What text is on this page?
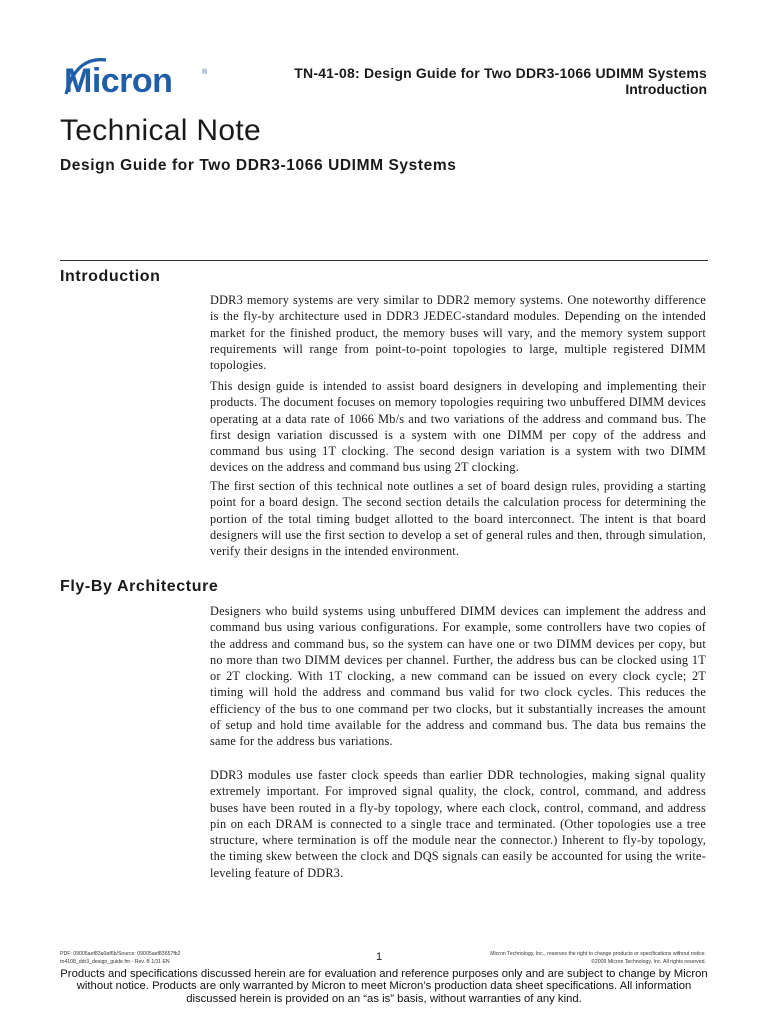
Micron	®	TN-41-08: Design Guide for Two DDR3-1066 UDIMM Systems
Introduction
Technical Note
Design Guide for Two DDR3-1066 UDIMM Systems
Introduction
DDR3 memory systems are very similar to DDR2 memory systems. One noteworthy difference is the fly-by architecture used in DDR3 JEDEC-standard modules. Depending on the intended market for the finished product, the memory buses will vary, and the memory system support requirements will range from point-to-point topologies to large, multiple registered DIMM topologies.
This design guide is intended to assist board designers in developing and implementing their products. The document focuses on memory topologies requiring two unbuffered DIMM devices operating at a data rate of 1066 Mb/s and two variations of the address and command bus. The first design variation discussed is a system with one DIMM per copy of the address and command bus using 1T clocking. The second design variation is a system with two DIMM devices on the address and command bus using 2T clocking.
The first section of this technical note outlines a set of board design rules, providing a starting point for a board design. The second section details the calculation process for determining the portion of the total timing budget allotted to the board interconnect. The intent is that board designers will use the first section to develop a set of general rules and then, through simulation, verify their designs in the intended environment.
Fly-By Architecture
Designers who build systems using unbuffered DIMM devices can implement the address and command bus using various configurations. For example, some controllers have two copies of the address and command bus, so the system can have one or two DIMM devices per copy, but no more than two DIMM devices per channel. Further, the address bus can be clocked using 1T or 2T clocking. With 1T clocking, a new command can be issued on every clock cycle; 2T timing will hold the address and command bus valid for two clock cycles. This reduces the efficiency of the bus to one command per two clocks, but it substantially increases the amount of setup and hold time available for the address and command bus. The data bus remains the same for the address bus variations.
DDR3 modules use faster clock speeds than earlier DDR technologies, making signal quality extremely important. For improved signal quality, the clock, control, command, and address buses have been routed in a fly-by topology, where each clock, control, command, and address pin on each DRAM is connected to a single trace and terminated. (Other topologies use a tree structure, where termination is off the module near the connector.) Inherent to fly-by topology, the timing skew between the clock and DQS signals can easily be accounted for using the write-leveling feature of DDR3.
PDF: 09005aef83a0af6b/Source: 09005aef83657fb2
tn4108_ddr3_design_guide.fm - Rev. B 1/11 EN	1	Micron Technology, Inc., reserves the right to change products or specifications without notice.
©2009 Micron Technology, Inc. All rights reserved.
Products and specifications discussed herein are for evaluation and reference purposes only and are subject to change by Micron without notice. Products are only warranted by Micron to meet Micron’s production data sheet specifications. All information discussed herein is provided on an “as is” basis, without warranties of any kind.
